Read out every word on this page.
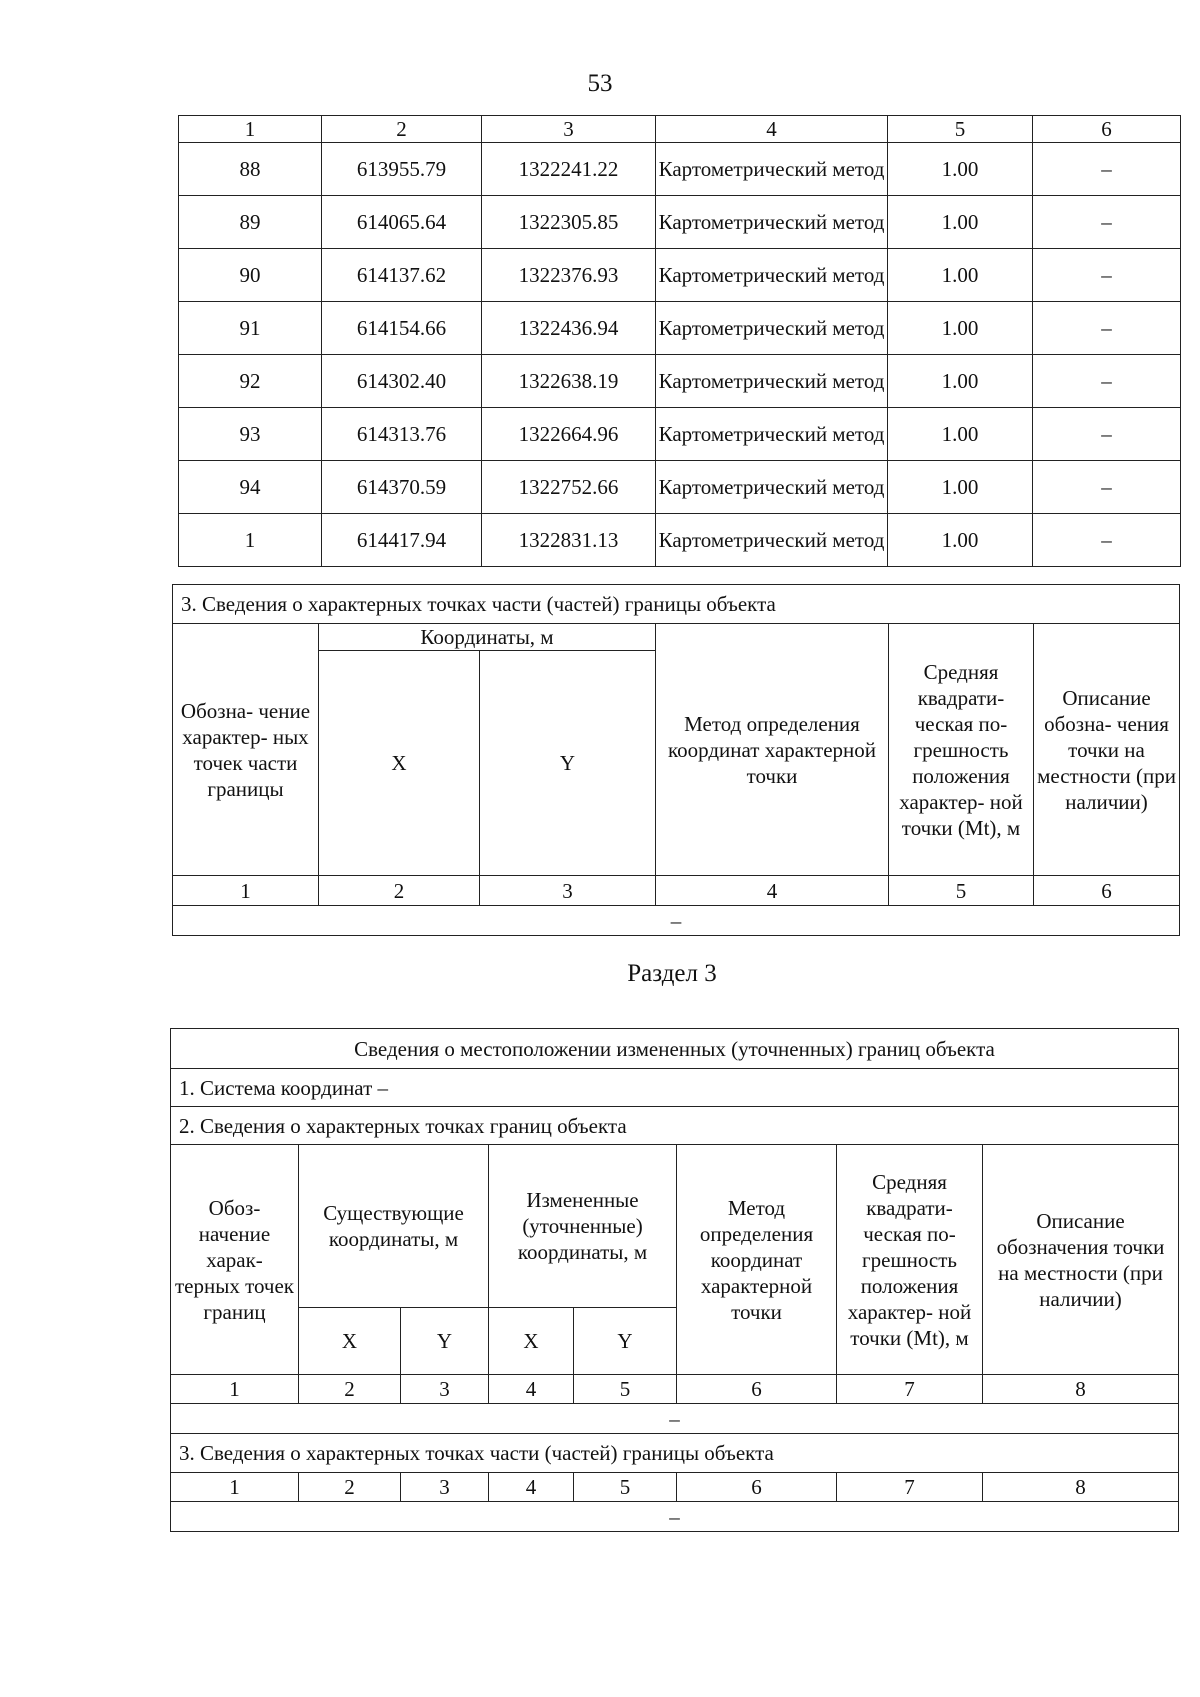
53
1	2	3	4	5	6
88	613955.79	1322241.22	Картометрический метод	1.00	–
89	614065.64	1322305.85	Картометрический метод	1.00	–
90	614137.62	1322376.93	Картометрический метод	1.00	–
91	614154.66	1322436.94	Картометрический метод	1.00	–
92	614302.40	1322638.19	Картометрический метод	1.00	–
93	614313.76	1322664.96	Картометрический метод	1.00	–
94	614370.59	1322752.66	Картометрический метод	1.00	–
1	614417.94	1322831.13	Картометрический метод	1.00	–
3. Сведения о характерных точках части (частей) границы объекта					
Обозна- чение характер- ных точек части границы	Координаты, м		Метод определения координат характерной точки	Средняя квадрати- ческая по- грешность положения характер- ной точки (Mt), м	Описание обозна- чения точки на местности (при наличии)
	X	Y			
1	2	3	4	5	6
–					
Раздел 3
Сведения о местоположении измененных (уточненных) границ объекта							
1. Система координат –							
2. Сведения о характерных точках границ объекта							
Обоз- начение харак- терных точек границ	Существующие координаты, м		Измененные (уточненные) координаты, м		Метод определения координат характерной точки	Средняя квадрати- ческая по- грешность положения характер- ной точки (Mt), м	Описание обозначения точки на местности (при наличии)
	X	Y	X	Y			
1	2	3	4	5	6	7	8
–							
3. Сведения о характерных точках части (частей) границы объекта							
1	2	3	4	5	6	7	8
–							
